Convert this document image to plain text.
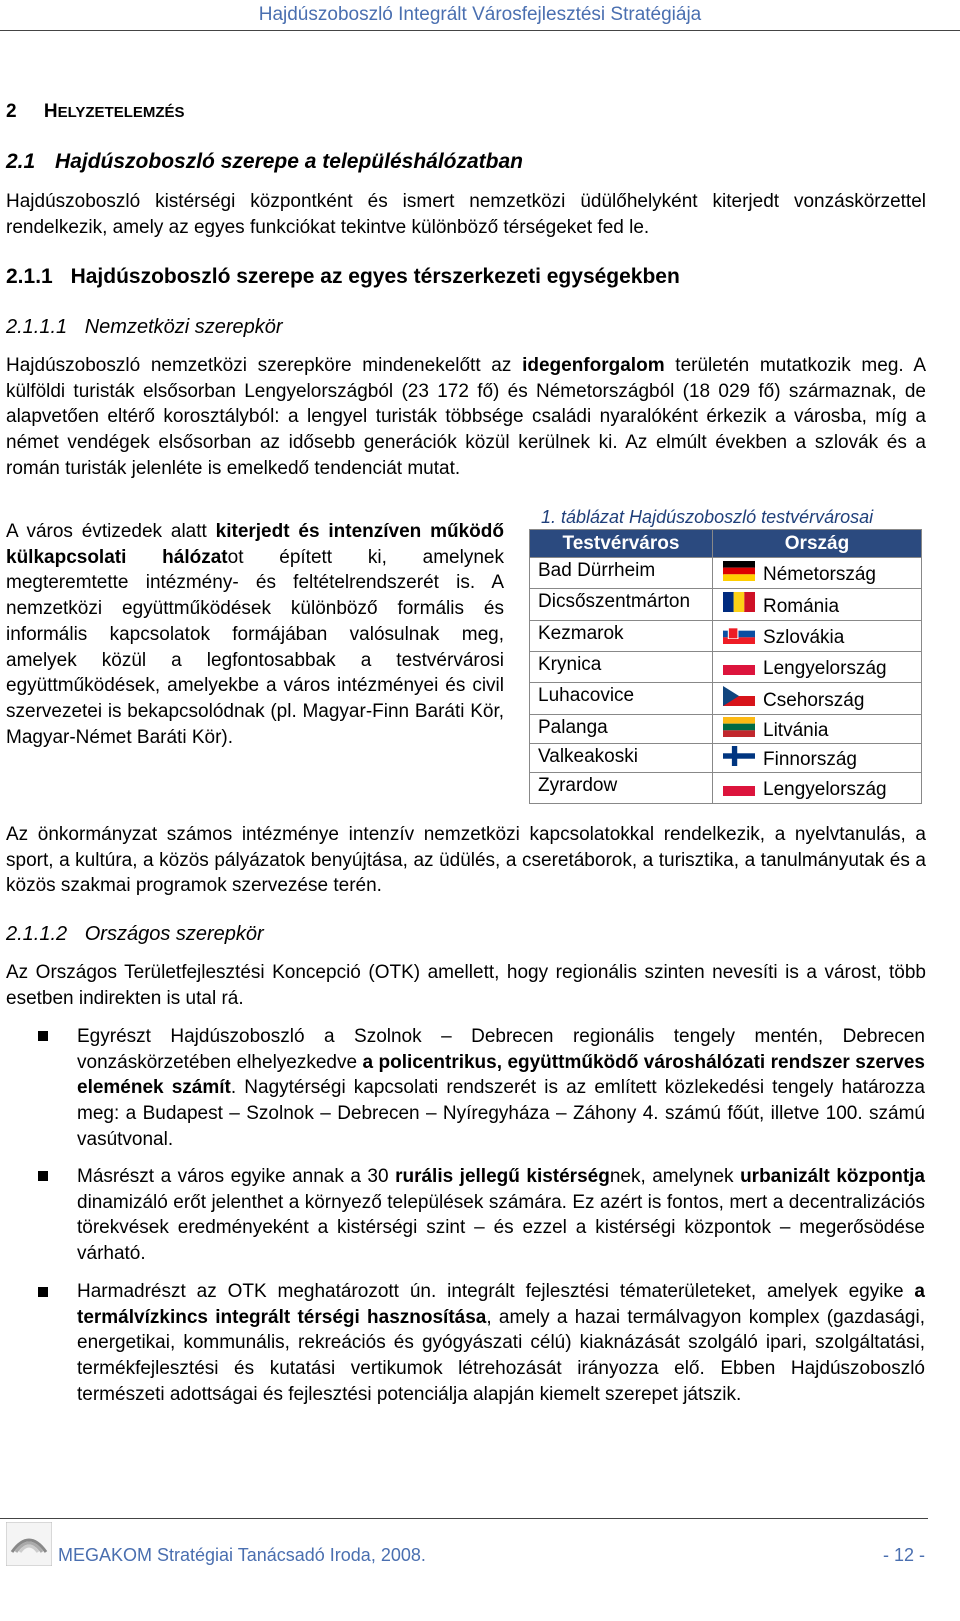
Hajdúszoboszló Integrált Városfejlesztési Stratégiája
2 HELYZETELEMZÉS
2.1 Hajdúszoboszló szerepe a településhálózatban

Hajdúszoboszló kistérségi központként és ismert nemzetközi üdülőhelyként kiterjedt vonzáskörzettel rendelkezik, amely az egyes funkciókat tekintve különböző térségeket fed le.

2.1.1 Hajdúszoboszló szerepe az egyes térszerkezeti egységekben
2.1.1.1 Nemzetközi szerepkör

Hajdúszoboszló nemzetközi szerepköre mindenekelőtt az idegenforgalom területén mutatkozik meg. A külföldi turisták elsősorban Lengyelországból (23 172 fő) és Németországból (18 029 fő) származnak, de alapvetően eltérő korosztályból: a lengyel turisták többsége családi nyaralóként érkezik a városba, míg a német vendégek elsősorban az idősebb generációk közül kerülnek ki. Az elmúlt években a szlovák és a román turisták jelenléte is emelkedő tendenciát mutat.

A város évtizedek alatt kiterjedt és intenzíven működő külkapcsolati hálózatot épített ki, amelynek megteremtette intézmény- és feltételrendszerét is. A nemzetközi együttműködések különböző formális és informális kapcsolatok formájában valósulnak meg, amelyek közül a legfontosabbak a testvérvárosi együttműködések, amelyekbe a város intézményei és civil szervezetei is bekapcsolódnak (pl. Magyar-Finn Baráti Kör, Magyar-Német Baráti Kör).

1. táblázat Hajdúszoboszló testvérvárosai
Testvérváros	Ország
Bad Dürrheim	Németország
Dicsőszentmárton	Románia
Kezmarok	Szlovákia
Krynica	Lengyelország
Luhacovice	Csehország
Palanga	Litvánia
Valkeakoski	Finnország
Zyrardow	Lengyelország

Az önkormányzat számos intézménye intenzív nemzetközi kapcsolatokkal rendelkezik, a nyelvtanulás, a sport, a kultúra, a közös pályázatok benyújtása, az üdülés, a cseretáborok, a turisztika, a tanulmányutak és a közös szakmai programok szervezése terén.

2.1.1.2 Országos szerepkör

Az Országos Területfejlesztési Koncepció (OTK) amellett, hogy regionális szinten nevesíti is a várost, több esetben indirekten is utal rá.

Egyrészt Hajdúszoboszló a Szolnok – Debrecen regionális tengely mentén, Debrecen vonzáskörzetében elhelyezkedve a policentrikus, együttműködő városhálózati rendszer szerves elemének számít. Nagytérségi kapcsolati rendszerét is az említett közlekedési tengely határozza meg: a Budapest – Szolnok – Debrecen – Nyíregyháza – Záhony 4. számú főút, illetve 100. számú vasútvonal.

Másrészt a város egyike annak a 30 rurális jellegű kistérségnek, amelynek urbanizált központja dinamizáló erőt jelenthet a környező települések számára. Ez azért is fontos, mert a decentralizációs törekvések eredményeként a kistérségi szint – és ezzel a kistérségi központok – megerősödése várható.

Harmadrészt az OTK meghatározott ún. integrált fejlesztési tématerületeket, amelyek egyike a termálvízkincs integrált térségi hasznosítása, amely a hazai termálvagyon komplex (gazdasági, energetikai, kommunális, rekreációs és gyógyászati célú) kiaknázását szolgáló ipari, szolgáltatási, termékfejlesztési és kutatási vertikumok létrehozását irányozza elő. Ebben Hajdúszoboszló természeti adottságai és fejlesztési potenciálja alapján kiemelt szerepet játszik.

MEGAKOM Stratégiai Tanácsadó Iroda, 2008.	- 12 -
